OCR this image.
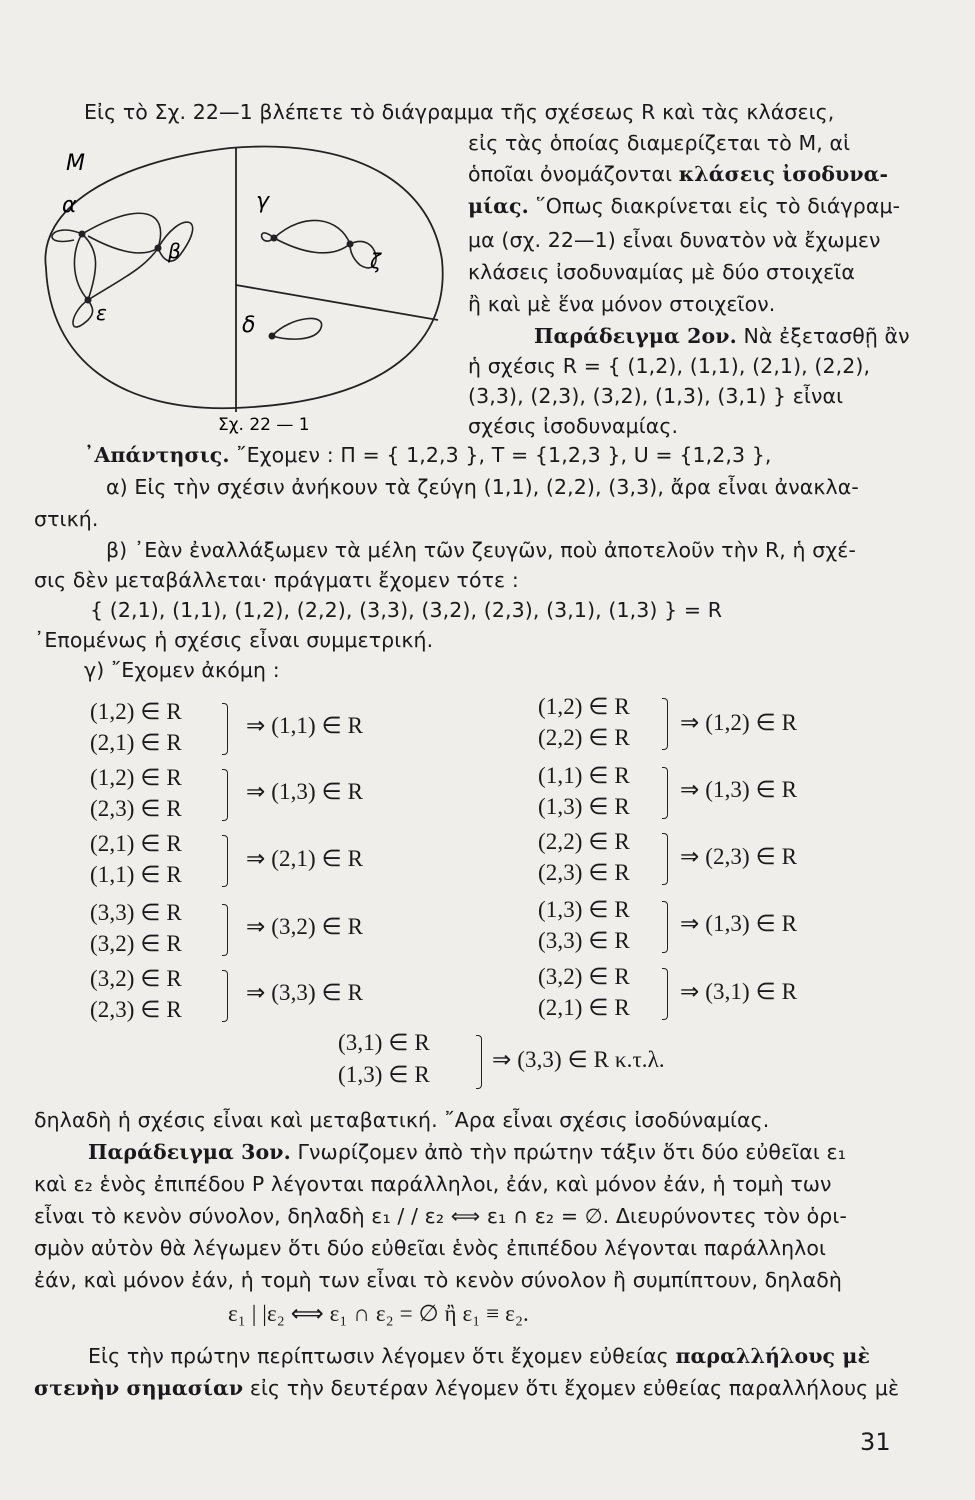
M
α
β
γ
ζ
ε	δ
Σχ. 22 — 1
Εἰς τὸ Σχ. 22—1 βλέπετε τὸ διάγραμμα τῆς σχέσεως R καὶ τὰς κλάσεις,
εἰς τὰς ὁποίας διαμερίζεται τὸ Μ, αἱ
ὁποῖαι ὀνομάζονται κλάσεις ἰσοδυνα-
μίας. ῞Οπως διακρίνεται εἰς τὸ διάγραμ-
μα (σχ. 22—1) εἶναι δυνατὸν νὰ ἔχωμεν
κλάσεις ἰσοδυναμίας μὲ δύο στοιχεῖα
ἢ καὶ μὲ ἕνα μόνον στοιχεῖον.
Παράδειγμα 2ον. Νὰ ἐξετασθῇ ἂν
ἡ σχέσις R = { (1,2), (1,1), (2,1), (2,2),
(3,3), (2,3), (3,2), (1,3), (3,1) } εἶναι
σχέσις ἰσοδυναμίας.
᾿Απάντησις. ῎Εχομεν : Π = { 1,2,3 }, Τ = {1,2,3 }, U = {1,2,3 },
α) Εἰς τὴν σχέσιν ἀνήκουν τὰ ζεύγη (1,1), (2,2), (3,3), ἄρα εἶναι ἀνακλα-
στική.
β) ᾿Εὰν ἐναλλάξωμεν τὰ μέλη τῶν ζευγῶν, ποὺ ἀποτελοῦν τὴν R, ἡ σχέ-
σις δὲν μεταβάλλεται· πράγματι ἔχομεν τότε :
{ (2,1), (1,1), (1,2), (2,2), (3,3), (3,2), (2,3), (3,1), (1,3) } = R
᾿Επομένως ἡ σχέσις εἶναι συμμετρική.
γ) ῎Εχομεν ἀκόμη :
(1,2) ∈ R
(2,1) ∈ R
⇒ (1,1) ∈ R
(1,2) ∈ R
(2,3) ∈ R
⇒ (1,3) ∈ R
(2,1) ∈ R
(1,1) ∈ R
⇒ (2,1) ∈ R
(3,3) ∈ R
(3,2) ∈ R
⇒ (3,2) ∈ R
(3,2) ∈ R
(2,3) ∈ R
⇒ (3,3) ∈ R
(1,2) ∈ R
(2,2) ∈ R
⇒ (1,2) ∈ R
(1,1) ∈ R
(1,3) ∈ R
⇒ (1,3) ∈ R
(2,2) ∈ R
(2,3) ∈ R
⇒ (2,3) ∈ R
(1,3) ∈ R
(3,3) ∈ R
⇒ (1,3) ∈ R
(3,2) ∈ R
(2,1) ∈ R
⇒ (3,1) ∈ R
(3,1) ∈ R
(1,3) ∈ R
⇒ (3,3) ∈ R κ.τ.λ.
δηλαδὴ ἡ σχέσις εἶναι καὶ μεταβατική. ῎Αρα εἶναι σχέσις ἰσοδύναμίας.
Παράδειγμα 3ον. Γνωρίζομεν ἀπὸ τὴν πρώτην τάξιν ὅτι δύο εὐθεῖαι ε₁
καὶ ε₂ ἑνὸς ἐπιπέδου Ρ λέγονται παράλληλοι, ἐάν, καὶ μόνον ἐάν, ἡ τομὴ των
εἶναι τὸ κενὸν σύνολον, δηλαδὴ ε₁ / / ε₂ ⟺ ε₁ ∩ ε₂ = ∅. Διευρύνοντες τὸν ὁρι-
σμὸν αὐτὸν θὰ λέγωμεν ὅτι δύο εὐθεῖαι ἑνὸς ἐπιπέδου λέγονται παράλληλοι
ἐάν, καὶ μόνον ἐάν, ἡ τομὴ των εἶναι τὸ κενὸν σύνολον ἢ συμπίπτουν, δηλαδὴ
ε₁ | |ε₂ ⟺ ε₁ ∩ ε₂ = ∅ ἢ ε₁ ≡ ε₂.
Εἰς τὴν πρώτην περίπτωσιν λέγομεν ὅτι ἔχομεν εὐθείας παραλλήλους μὲ
στενὴν σημασίαν εἰς τὴν δευτέραν λέγομεν ὅτι ἔχομεν εὐθείας παραλλήλους μὲ
31
